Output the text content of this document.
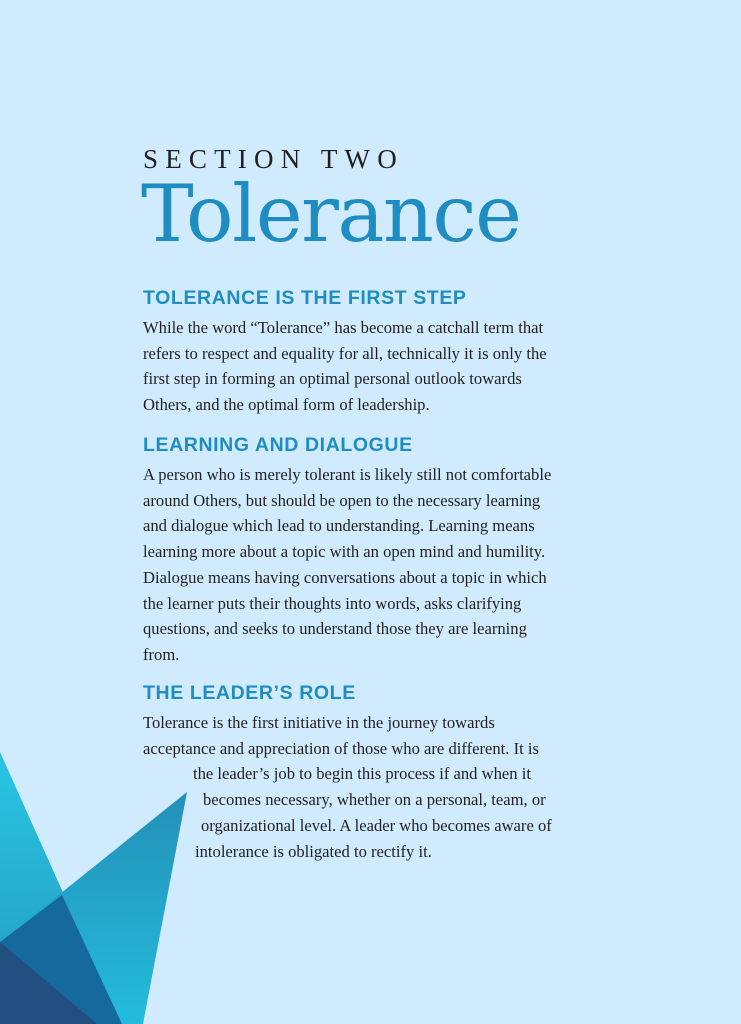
SECTION TWO
Tolerance
TOLERANCE IS THE FIRST STEP
While the word “Tolerance” has become a catchall term that
refers to respect and equality for all, technically it is only the
first step in forming an optimal personal outlook towards
Others, and the optimal form of leadership.
LEARNING AND DIALOGUE
A person who is merely tolerant is likely still not comfortable
around Others, but should be open to the necessary learning
and dialogue which lead to understanding. Learning means
learning more about a topic with an open mind and humility.
Dialogue means having conversations about a topic in which
the learner puts their thoughts into words, asks clarifying
questions, and seeks to understand those they are learning
from.
THE LEADER’S ROLE
Tolerance is the first initiative in the journey towards
acceptance and appreciation of those who are different. It is
the leader’s job to begin this process if and when it
becomes necessary, whether on a personal, team, or
organizational level. A leader who becomes aware of
intolerance is obligated to rectify it.
